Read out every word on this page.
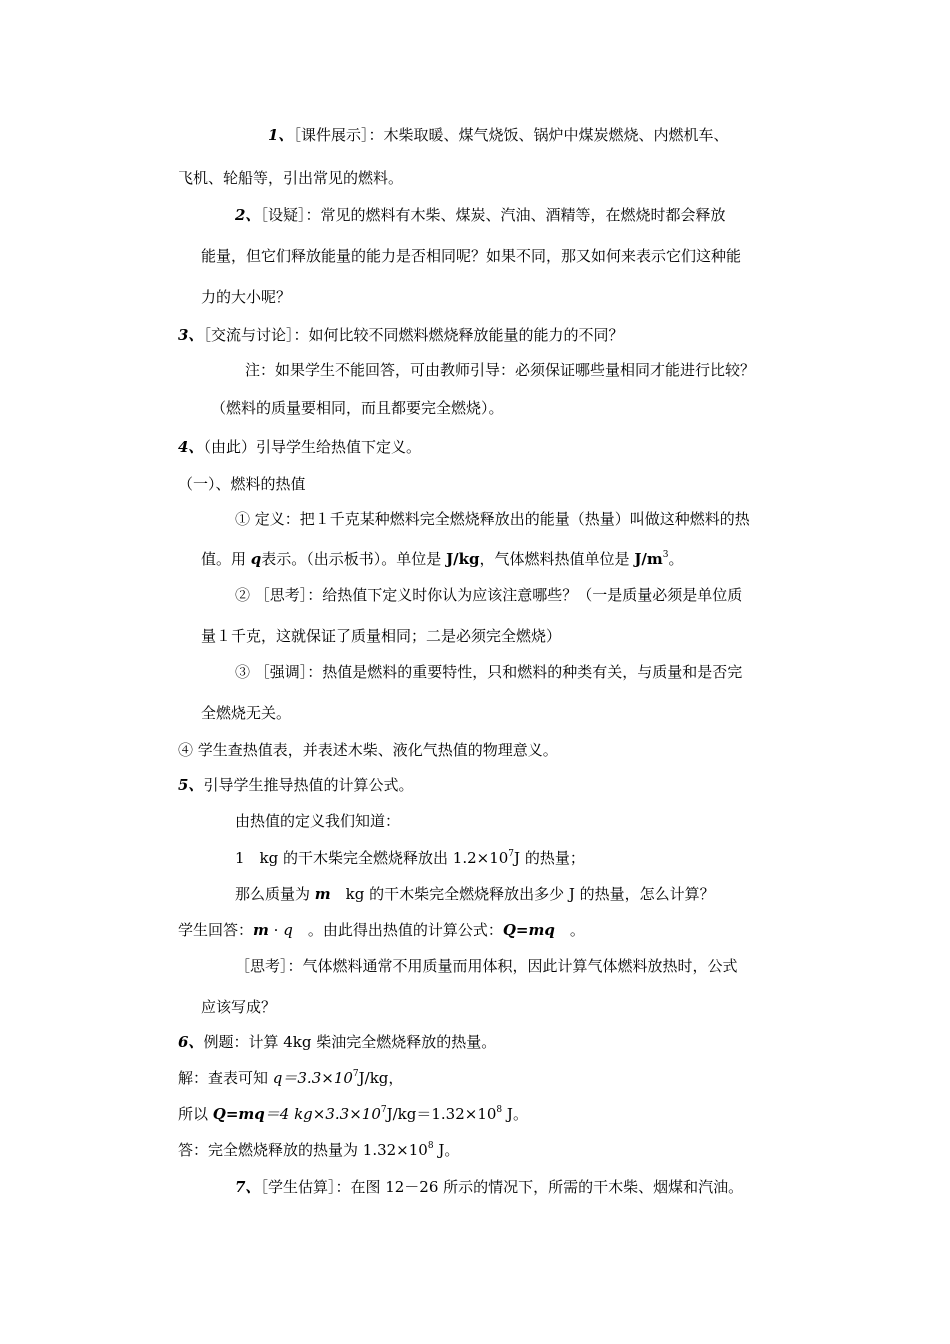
1、［课件展示］：木柴取暖、煤气烧饭、锅炉中煤炭燃烧、内燃机车、
飞机、轮船等，引出常见的燃料。
2、［设疑］：常见的燃料有木柴、煤炭、汽油、酒精等，在燃烧时都会释放
能量，但它们释放能量的能力是否相同呢？如果不同，那又如何来表示它们这种能
力的大小呢？
3、［交流与讨论］：如何比较不同燃料燃烧释放能量的能力的不同？
注：如果学生不能回答，可由教师引导：必须保证哪些量相同才能进行比较？
（燃料的质量要相同，而且都要完全燃烧）。
4、（由此）引导学生给热值下定义。
（一）、燃料的热值
① 定义：把１千克某种燃料完全燃烧释放出的能量（热量）叫做这种燃料的热
值。用 q表示。（出示板书）。单位是 J/kg，气体燃料热值单位是 $J/m^3$。
② ［思考］：给热值下定义时你认为应该注意哪些？（一是质量必须是单位质
量１千克，这就保证了质量相同；二是必须完全燃烧）
③ ［强调］：热值是燃料的重要特性，只和燃料的种类有关，与质量和是否完
全燃烧无关。
④ 学生查热值表，并表述木柴、液化气热值的物理意义。
5、引导学生推导热值的计算公式。
由热值的定义我们知道：
1　kg 的干木柴完全燃烧释放出 $1.2\times 10^7J$ 的热量；
那么质量为 m　kg 的干木柴完全燃烧释放出多少 J 的热量，怎么计算？
学生回答：m · q　。由此得出热值的计算公式：Q=mq　。
［思考］：气体燃料通常不用质量而用体积，因此计算气体燃料放热时，公式
应该写成？
6、例题：计算 4kg 柴油完全燃烧释放的热量。
解：查表可知 $q=3.3\times 10^7J/kg$，
所以 Q=mq＝4 $kg\times 3.3\times 10^7J/kg=1.32\times 10^8$ J。
答：完全燃烧释放的热量为 $1.32\times 10^8$ J。
7、［学生估算］：在图 12－26 所示的情况下，所需的干木柴、烟煤和汽油。
